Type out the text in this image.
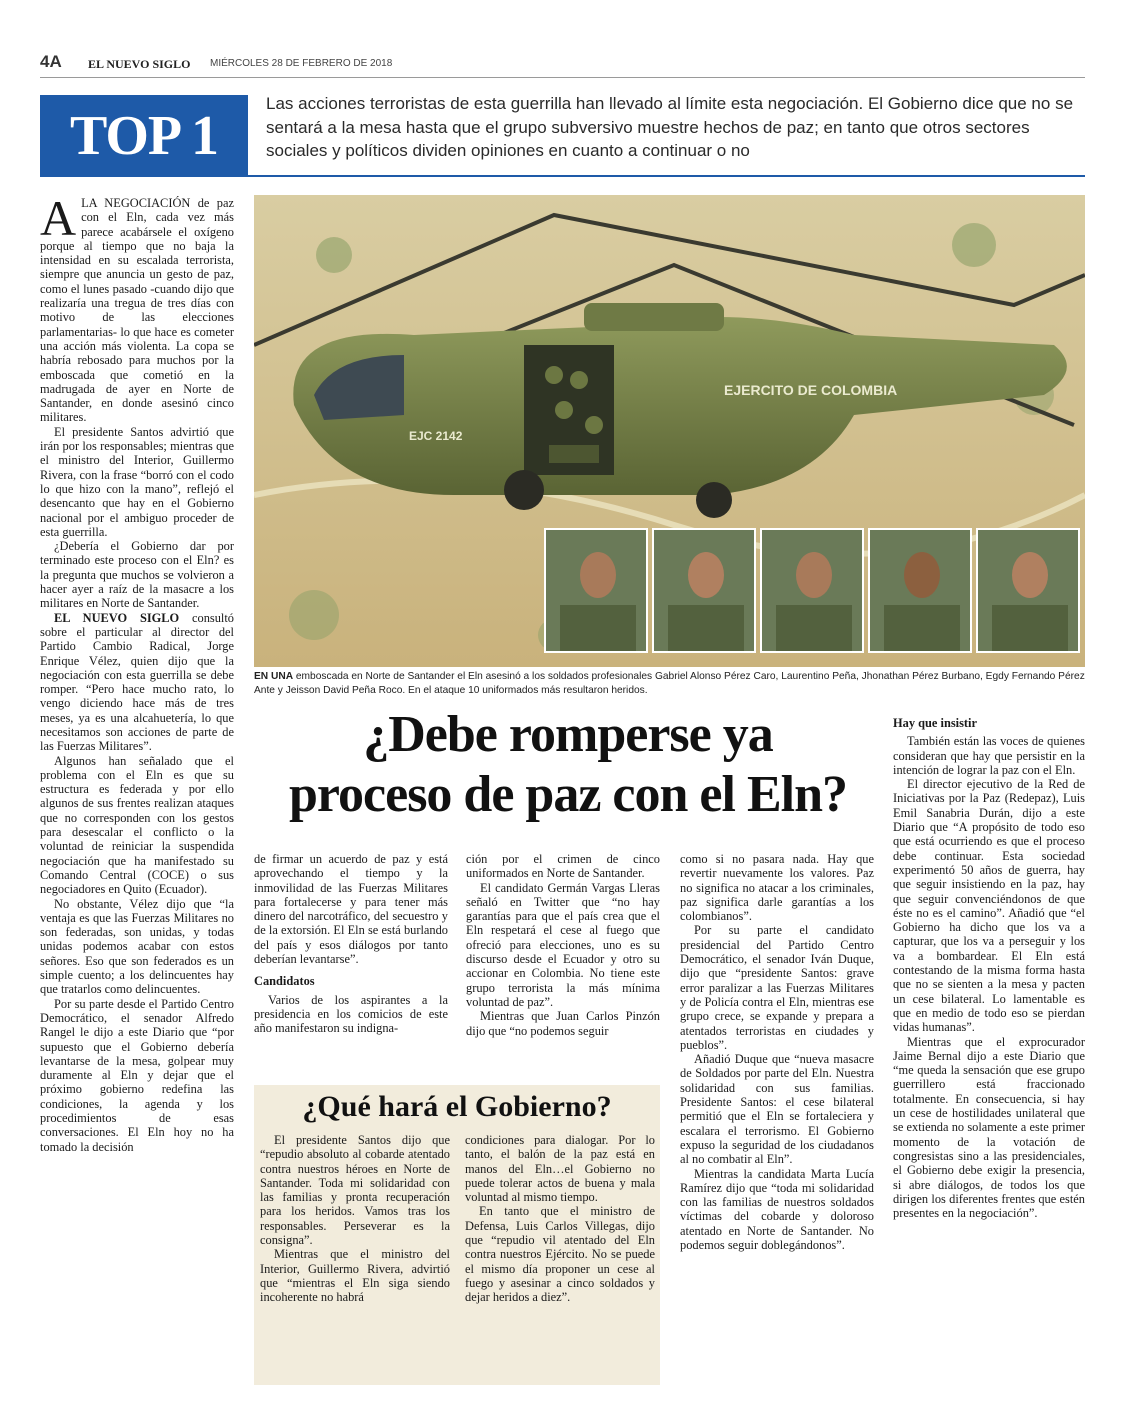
4A EL NUEVO SIGLO MIÉRCOLES 28 DE FEBRERO DE 2018
TOP 1
Las acciones terroristas de esta guerrilla han llevado al límite esta negociación. El Gobierno dice que no se sentará a la mesa hasta que el grupo subversivo muestre hechos de paz; en tanto que otros sectores sociales y políticos dividen opiniones en cuanto a continuar o no

ALA NEGOCIACIÓN de paz con el Eln, cada vez más parece acabársele el oxígeno porque al tiempo que no baja la intensidad en su escalada terrorista, siempre que anuncia un gesto de paz, como el lunes pasado -cuando dijo que realizaría una tregua de tres días con motivo de las elecciones parlamentarias- lo que hace es cometer una acción más violenta. La copa se habría rebosado para muchos por la emboscada que cometió en la madrugada de ayer en Norte de Santander, en donde asesinó cinco militares.

El presidente Santos advirtió que irán por los responsables; mientras que el ministro del Interior, Guillermo Rivera, con la frase “borró con el codo lo que hizo con la mano”, reflejó el desencanto que hay en el Gobierno nacional por el ambiguo proceder de esta guerrilla.

¿Debería el Gobierno dar por terminado este proceso con el Eln? es la pregunta que muchos se volvieron a hacer ayer a raíz de la masacre a los militares en Norte de Santander.

EL NUEVO SIGLO consultó sobre el particular al director del Partido Cambio Radical, Jorge Enrique Vélez, quien dijo que la negociación con esta guerrilla se debe romper. “Pero hace mucho rato, lo vengo diciendo hace más de tres meses, ya es una alcahuetería, lo que necesitamos son acciones de parte de las Fuerzas Militares”.

Algunos han señalado que el problema con el Eln es que su estructura es federada y por ello algunos de sus frentes realizan ataques que no corresponden con los gestos para desescalar el conflicto o la voluntad de reiniciar la suspendida negociación que ha manifestado su Comando Central (COCE) o sus negociadores en Quito (Ecuador).

No obstante, Vélez dijo que “la ventaja es que las Fuerzas Militares no son federadas, son unidas, y todas unidas podemos acabar con estos señores. Eso que son federados es un simple cuento; a los delincuentes hay que tratarlos como delincuentes.

Por su parte desde el Partido Centro Democrático, el senador Alfredo Rangel le dijo a este Diario que “por supuesto que el Gobierno debería levantarse de la mesa, golpear muy duramente al Eln y dejar que el próximo gobierno redefina las condiciones, la agenda y los procedimientos de esas conversaciones. El Eln hoy no ha tomado la decisión

EJERCITO DE COLOMBIA
EJC 2142
EN UNA emboscada en Norte de Santander el Eln asesinó a los soldados profesionales Gabriel Alonso Pérez Caro, Laurentino Peña, Jhonathan Pérez Burbano, Egdy Fernando Pérez Ante y Jeisson David Peña Roco. En el ataque 10 uniformados más resultaron heridos.
¿Debe romperse ya
proceso de paz con el Eln?

de firmar un acuerdo de paz y está aprovechando el tiempo y la inmovilidad de las Fuerzas Militares para fortalecerse y para tener más dinero del narcotráfico, del secuestro y de la extorsión. El Eln se está burlando del país y esos diálogos por tanto deberían levantarse”.

Candidatos

Varios de los aspirantes a la presidencia en los comicios de este año manifestaron su indigna-

ción por el crimen de cinco uniformados en Norte de Santander.

El candidato Germán Vargas Lleras señaló en Twitter que “no hay garantías para que el país crea que el Eln respetará el cese al fuego que ofreció para elecciones, uno es su discurso desde el Ecuador y otro su accionar en Colombia. No tiene este grupo terrorista la más mínima voluntad de paz”.

Mientras que Juan Carlos Pinzón dijo que “no podemos seguir

¿Qué hará el Gobierno?

El presidente Santos dijo que “repudio absoluto al cobarde atentado contra nuestros héroes en Norte de Santander. Toda mi solidaridad con las familias y pronta recuperación para los heridos. Vamos tras los responsables. Perseverar es la consigna”.

Mientras que el ministro del Interior, Guillermo Rivera, advirtió que “mientras el Eln siga siendo incoherente no habrá

condiciones para dialogar. Por lo tanto, el balón de la paz está en manos del Eln…el Gobierno no puede tolerar actos de buena y mala voluntad al mismo tiempo.

En tanto que el ministro de Defensa, Luis Carlos Villegas, dijo que “repudio vil atentado del Eln contra nuestros Ejército. No se puede el mismo día proponer un cese al fuego y asesinar a cinco soldados y dejar heridos a diez”.

como si no pasara nada. Hay que revertir nuevamente los valores. Paz no significa no atacar a los criminales, paz significa darle garantías a los colombianos”.

Por su parte el candidato presidencial del Partido Centro Democrático, el senador Iván Duque, dijo que “presidente Santos: grave error paralizar a las Fuerzas Militares y de Policía contra el Eln, mientras ese grupo crece, se expande y prepara a atentados terroristas en ciudades y pueblos”.

Añadió Duque que “nueva masacre de Soldados por parte del Eln. Nuestra solidaridad con sus familias. Presidente Santos: el cese bilateral permitió que el Eln se fortaleciera y escalara el terrorismo. El Gobierno expuso la seguridad de los ciudadanos al no combatir al Eln”.

Mientras la candidata Marta Lucía Ramírez dijo que “toda mi solidaridad con las familias de nuestros soldados víctimas del cobarde y doloroso atentado en Norte de Santander. No podemos seguir doblegándonos”.

Hay que insistir

También están las voces de quienes consideran que hay que persistir en la intención de lograr la paz con el Eln.

El director ejecutivo de la Red de Iniciativas por la Paz (Redepaz), Luis Emil Sanabria Durán, dijo a este Diario que “A propósito de todo eso que está ocurriendo es que el proceso debe continuar. Esta sociedad experimentó 50 años de guerra, hay que seguir insistiendo en la paz, hay que seguir convenciéndonos de que éste no es el camino”. Añadió que “el Gobierno ha dicho que los va a capturar, que los va a perseguir y los va a bombardear. El Eln está contestando de la misma forma hasta que no se sienten a la mesa y pacten un cese bilateral. Lo lamentable es que en medio de todo eso se pierdan vidas humanas”.

Mientras que el exprocurador Jaime Bernal dijo a este Diario que “me queda la sensación que ese grupo guerrillero está fraccionado totalmente. En consecuencia, si hay un cese de hostilidades unilateral que se extienda no solamente a este primer momento de la votación de congresistas sino a las presidenciales, el Gobierno debe exigir la presencia, si abre diálogos, de todos los que dirigen los diferentes frentes que estén presentes en la negociación”.
